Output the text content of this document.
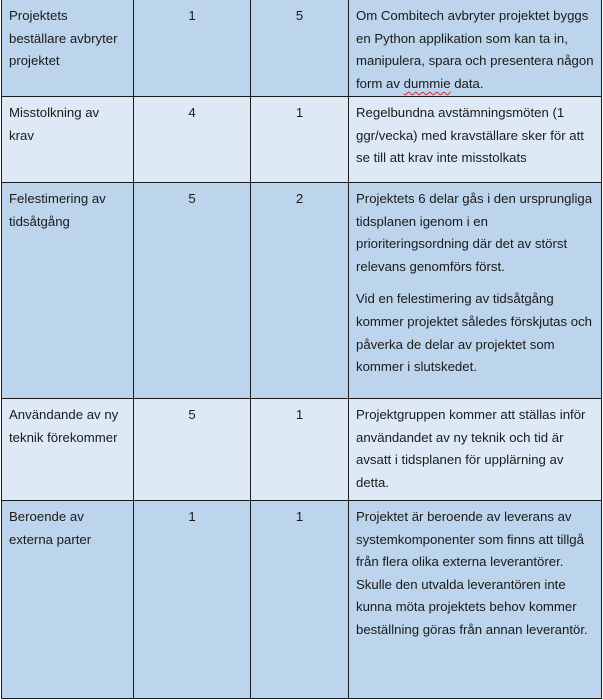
Projektets beställare avbryter projektet	1	5	Om Combitech avbryter projektet byggs en Python applikation som kan ta in, manipulera, spara och presentera någon form av dummie data.
Misstolkning av krav	4	1	Regelbundna avstämningsmöten (1 ggr/vecka) med kravställare sker för att se till att krav inte misstolkats

Felestimering av tidsåtgång	5	2	Projektets 6 delar gås i den ursprungliga tidsplanen igenom i en prioriteringsordning där det av störst relevans genomförs först.

Vid en felestimering av tidsåtgång kommer projektet således förskjutas och påverka de delar av projektet som kommer i slutskedet.

Användande av ny teknik förekommer	5	1	Projektgruppen kommer att ställas inför användandet av ny teknik och tid är avsatt i tidsplanen för upplärning av detta.

Beroende av externa parter	1	1	Projektet är beroende av leverans av systemkomponenter som finns att tillgå från flera olika externa leverantörer. Skulle den utvalda leverantören inte kunna möta projektets behov kommer beställning göras från annan leverantör.
